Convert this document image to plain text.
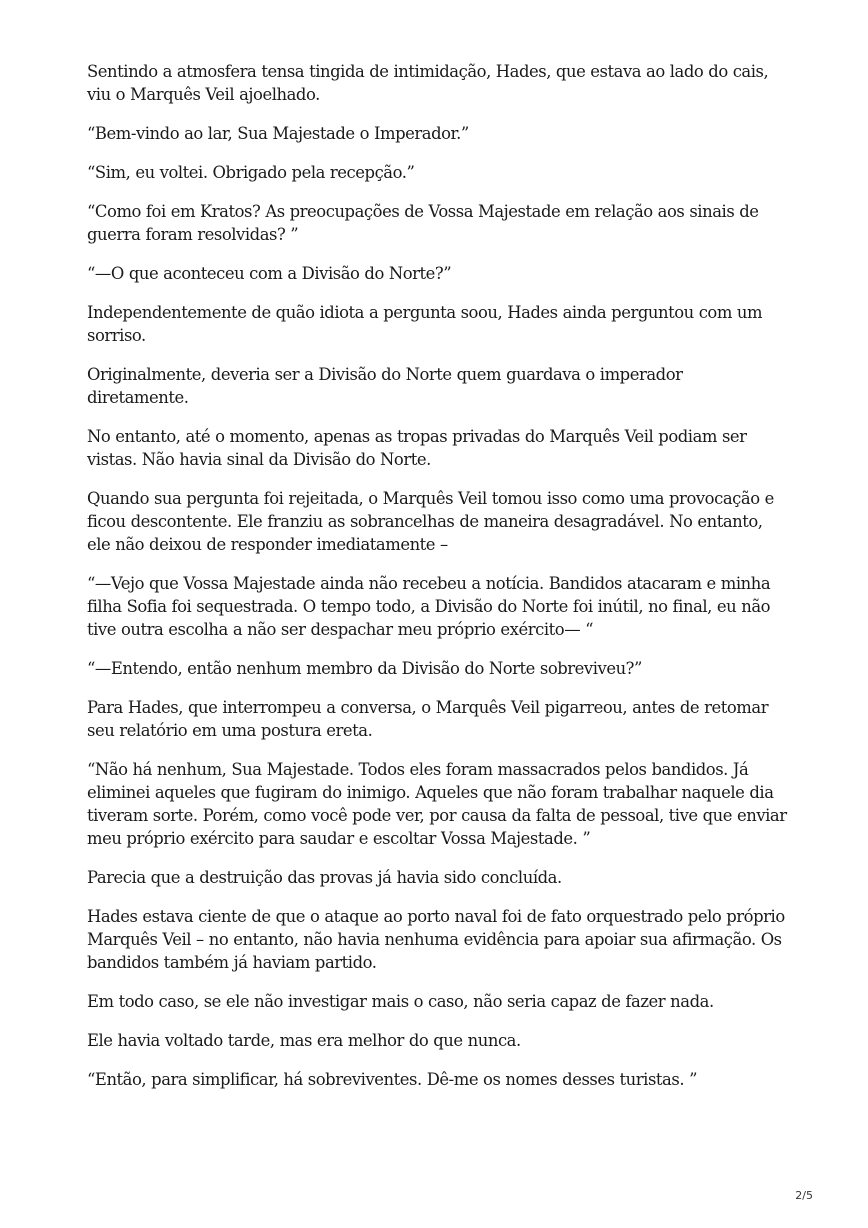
Sentindo a atmosfera tensa tingida de intimidação, Hades, que estava ao lado do cais, viu o Marquês Veil ajoelhado.

“Bem-vindo ao lar, Sua Majestade o Imperador.”

“Sim, eu voltei. Obrigado pela recepção.”

“Como foi em Kratos? As preocupações de Vossa Majestade em relação aos sinais de guerra foram resolvidas? ”

“—O que aconteceu com a Divisão do Norte?”

Independentemente de quão idiota a pergunta soou, Hades ainda perguntou com um sorriso.

Originalmente, deveria ser a Divisão do Norte quem guardava o imperador diretamente.

No entanto, até o momento, apenas as tropas privadas do Marquês Veil podiam ser vistas. Não havia sinal da Divisão do Norte.

Quando sua pergunta foi rejeitada, o Marquês Veil tomou isso como uma provocação e ficou descontente. Ele franziu as sobrancelhas de maneira desagradável. No entanto, ele não deixou de responder imediatamente –

“—Vejo que Vossa Majestade ainda não recebeu a notícia. Bandidos atacaram e minha filha Sofia foi sequestrada. O tempo todo, a Divisão do Norte foi inútil, no final, eu não tive outra escolha a não ser despachar meu próprio exército— “

“—Entendo, então nenhum membro da Divisão do Norte sobreviveu?”

Para Hades, que interrompeu a conversa, o Marquês Veil pigarreou, antes de retomar seu relatório em uma postura ereta.

“Não há nenhum, Sua Majestade. Todos eles foram massacrados pelos bandidos. Já eliminei aqueles que fugiram do inimigo. Aqueles que não foram trabalhar naquele dia tiveram sorte. Porém, como você pode ver, por causa da falta de pessoal, tive que enviar meu próprio exército para saudar e escoltar Vossa Majestade. ”

Parecia que a destruição das provas já havia sido concluída.

Hades estava ciente de que o ataque ao porto naval foi de fato orquestrado pelo próprio Marquês Veil – no entanto, não havia nenhuma evidência para apoiar sua afirmação. Os bandidos também já haviam partido.

Em todo caso, se ele não investigar mais o caso, não seria capaz de fazer nada.

Ele havia voltado tarde, mas era melhor do que nunca.

“Então, para simplificar, há sobreviventes. Dê-me os nomes desses turistas. ”

2/5
